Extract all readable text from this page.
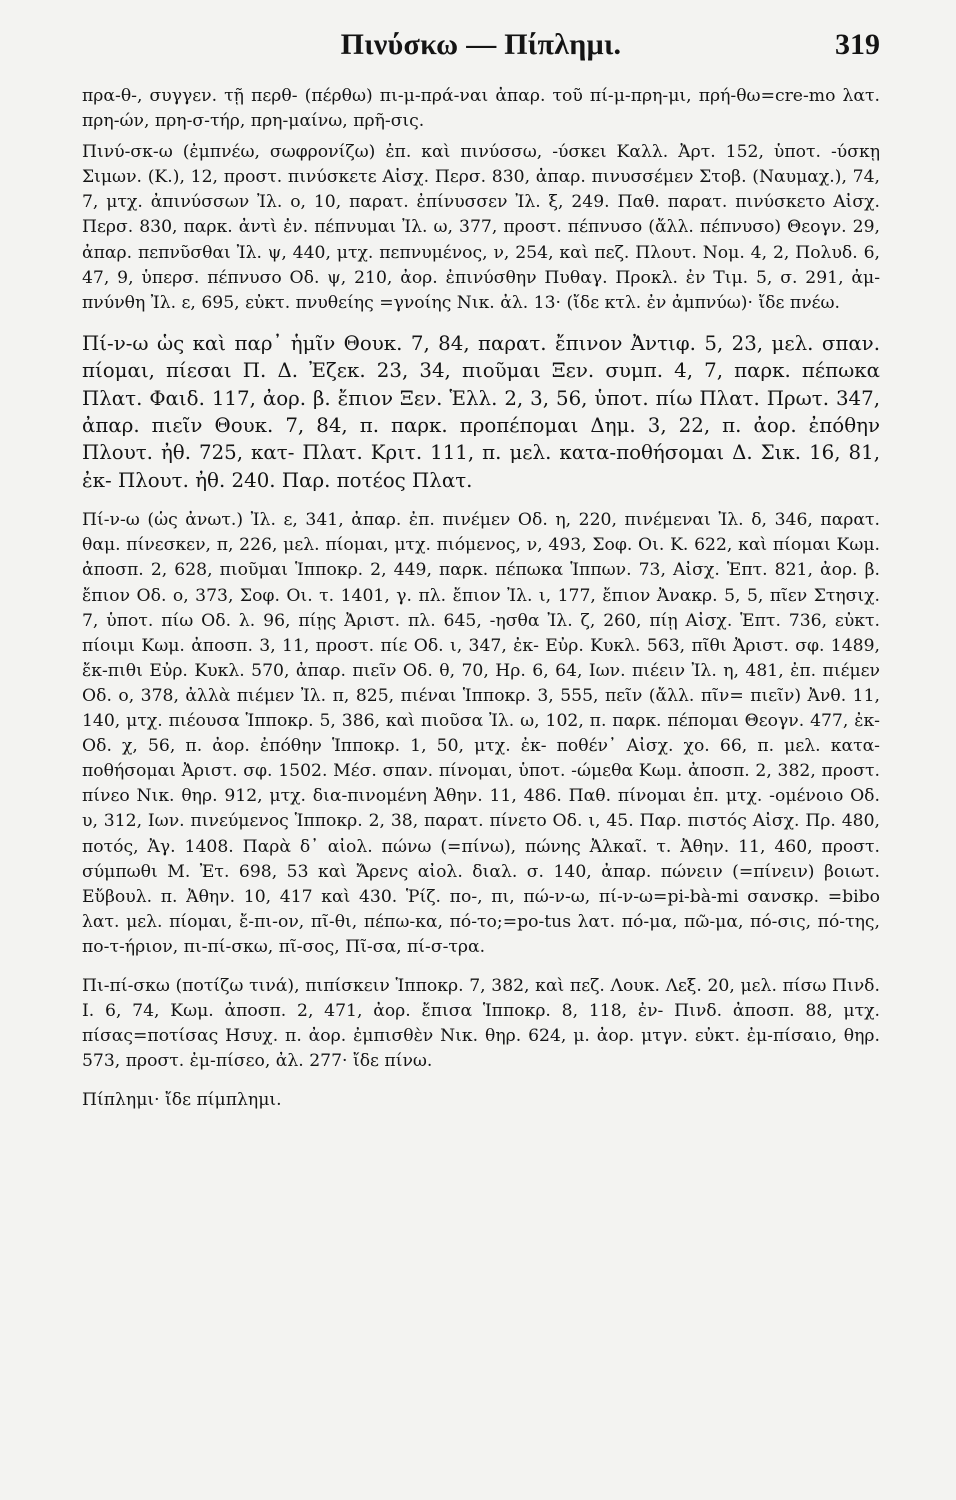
Πινύσκω — Πίπλημι.	319

πρα-θ-, συγγεν. τῇ περθ- (πέρθω) πι-μ-πρά-ναι ἀπαρ. τοῦ πί-μ-πρη-μι, πρή-θω=cre-mo λατ. πρη-ών, πρη-σ-τήρ, πρη-μαίνω, πρῆ-σις.

Πινύ-σκ-ω (ἐμπνέω, σωφρονίζω) ἐπ. καὶ πινύσσω, -ύσκει Καλλ. Ἀρτ. 152, ὑποτ. -ύσκῃ Σιμων. (Κ.), 12, προστ. πινύσκετε Αἰσχ. Περσ. 830, ἀπαρ. πινυσσέμεν Στοβ. (Ναυμαχ.), 74, 7, μτχ. ἀπινύσσων Ἰλ. ο, 10, παρατ. ἐπίνυσσεν Ἰλ. ξ, 249. Παθ. παρατ. πινύσκετο Αἰσχ. Περσ. 830, παρκ. ἀντὶ ἐν. πέπνυμαι Ἰλ. ω, 377, προστ. πέπνυσο (ἄλλ. πέπνυσο) Θεογν. 29, ἀπαρ. πεπνῦσθαι Ἰλ. ψ, 440, μτχ. πεπνυμένος, ν, 254, καὶ πεζ. Πλουτ. Νομ. 4, 2, Πολυδ. 6, 47, 9, ὑπερσ. πέπνυσο Οδ. ψ, 210, ἀορ. ἐπινύσθην Πυθαγ. Προκλ. ἐν Τιμ. 5, σ. 291, ἀμ-πνύνθη Ἰλ. ε, 695, εὐκτ. πνυθείης =γνοίης Νικ. ἀλ. 13· (ἴδε κτλ. ἐν ἀμπνύω)· ἴδε πνέω.

Πί-ν-ω ὡς καὶ παρ᾽ ἡμῖν Θουκ. 7, 84, παρατ. ἔπινον Ἀντιφ. 5, 23, μελ. σπαν. πίομαι, πίεσαι Π. Δ. Ἐζεκ. 23, 34, πιοῦμαι Ξεν. συμπ. 4, 7, παρκ. πέπωκα Πλατ. Φαιδ. 117, ἀορ. β. ἔπιον Ξεν. Ἑλλ. 2, 3, 56, ὑποτ. πίω Πλατ. Πρωτ. 347, ἀπαρ. πιεῖν Θουκ. 7, 84, π. παρκ. προπέπομαι Δημ. 3, 22, π. ἀορ. ἐπόθην Πλουτ. ἠθ. 725, κατ- Πλατ. Κριτ. 111, π. μελ. κατα-ποθήσομαι Δ. Σικ. 16, 81, ἐκ- Πλουτ. ἠθ. 240. Παρ. ποτέος Πλατ.

Πί-ν-ω (ὡς ἀνωτ.) Ἰλ. ε, 341, ἀπαρ. ἐπ. πινέμεν Οδ. η, 220, πινέμεναι Ἰλ. δ, 346, παρατ. θαμ. πίνεσκεν, π, 226, μελ. πίομαι, μτχ. πιόμενος, ν, 493, Σοφ. Οι. Κ. 622, καὶ πίομαι Κωμ. ἀποσπ. 2, 628, πιοῦμαι Ἱπποκρ. 2, 449, παρκ. πέπωκα Ἱππων. 73, Αἰσχ. Ἑπτ. 821, ἀορ. β. ἔπιον Οδ. ο, 373, Σοφ. Οι. τ. 1401, γ. πλ. ἔπιον Ἰλ. ι, 177, ἔπιον Ἀνακρ. 5, 5, πῖεν Στησιχ. 7, ὑποτ. πίω Οδ. λ. 96, πίῃς Ἀριστ. πλ. 645, -ησθα Ἰλ. ζ, 260, πίῃ Αἰσχ. Ἑπτ. 736, εὐκτ. πίοιμι Κωμ. ἀποσπ. 3, 11, προστ. πίε Οδ. ι, 347, ἐκ- Εὐρ. Κυκλ. 563, πῖθι Ἀριστ. σφ. 1489, ἔκ-πιθι Εὐρ. Κυκλ. 570, ἀπαρ. πιεῖν Οδ. θ, 70, Ηρ. 6, 64, Ιων. πιέειν Ἰλ. η, 481, ἐπ. πιέμεν Οδ. ο, 378, ἀλλὰ πιέμεν Ἰλ. π, 825, πιέναι Ἱπποκρ. 3, 555, πεῖν (ἄλλ. πῖν= πιεῖν) Ἀνθ. 11, 140, μτχ. πιέουσα Ἱπποκρ. 5, 386, καὶ πιοῦσα Ἰλ. ω, 102, π. παρκ. πέπομαι Θεογν. 477, ἐκ- Οδ. χ, 56, π. ἀορ. ἐπόθην Ἱπποκρ. 1, 50, μτχ. ἐκ- ποθέν᾽ Αἰσχ. χο. 66, π. μελ. κατα-ποθήσομαι Ἀριστ. σφ. 1502. Μέσ. σπαν. πίνομαι, ὑποτ. -ώμεθα Κωμ. ἀποσπ. 2, 382, προστ. πίνεο Νικ. θηρ. 912, μτχ. δια-πινομένη Ἀθην. 11, 486. Παθ. πίνομαι ἐπ. μτχ. -ομένοιο Οδ. υ, 312, Ιων. πινεύμενος Ἱπποκρ. 2, 38, παρατ. πίνετο Οδ. ι, 45. Παρ. πιστός Αἰσχ. Πρ. 480, ποτός, Ἀγ. 1408. Παρὰ δ᾽ αἰολ. πώνω (=πίνω), πώνης Ἀλκαῖ. τ. Ἀθην. 11, 460, προστ. σύμπωθι Μ. Ἐτ. 698, 53 καὶ Ἄρενς αἰολ. διαλ. σ. 140, ἀπαρ. πώνειν (=πίνειν) βοιωτ. Εὔβουλ. π. Ἀθην. 10, 417 καὶ 430. Ῥίζ. πο-, πι, πώ-ν-ω, πί-ν-ω=pi-bà-mi σανσκρ. =bibo λατ. μελ. πίομαι, ἔ-πι-ον, πῖ-θι, πέπω-κα, πό-το;=po-tus λατ. πό-μα, πῶ-μα, πό-σις, πό-της, πο-τ-ήριον, πι-πί-σκω, πῖ-σος, Πῖ-σα, πί-σ-τρα.

Πι-πί-σκω (ποτίζω τινά), πιπίσκειν Ἱπποκρ. 7, 382, καὶ πεζ. Λουκ. Λεξ. 20, μελ. πίσω Πινδ. Ι. 6, 74, Κωμ. ἀποσπ. 2, 471, ἀορ. ἔπισα Ἱπποκρ. 8, 118, ἐν- Πινδ. ἀποσπ. 88, μτχ. πίσας=ποτίσας Ησυχ. π. ἀορ. ἐμπισθὲν Νικ. θηρ. 624, μ. ἀορ. μτγν. εὐκτ. ἐμ-πίσαιο, θηρ. 573, προστ. ἐμ-πίσεο, ἀλ. 277· ἴδε πίνω.

Πίπλημι· ἴδε πίμπλημι.
